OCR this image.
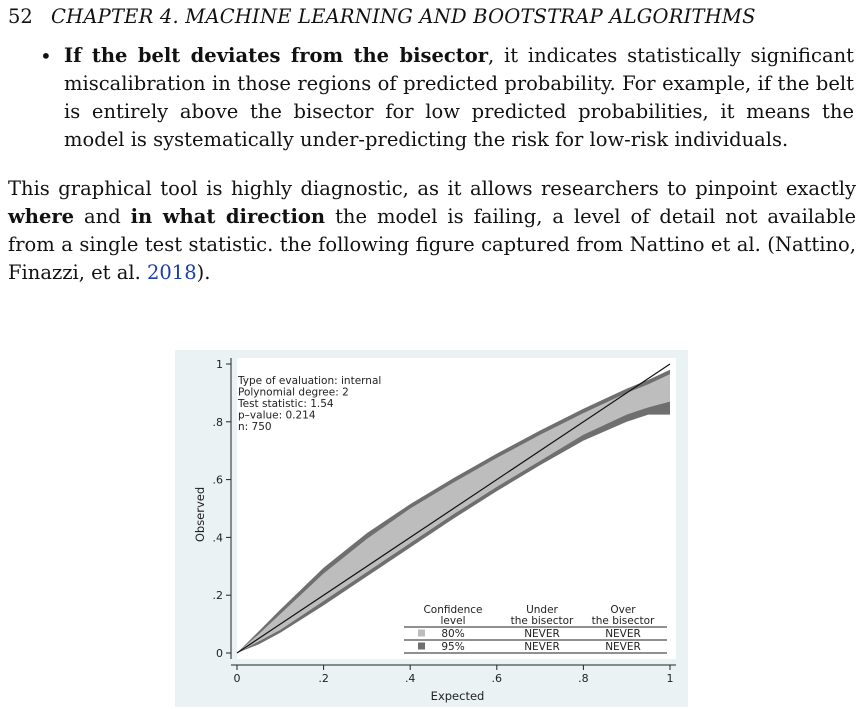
52 CHAPTER 4. MACHINE LEARNING AND BOOTSTRAP ALGORITHMS
• If the belt deviates from the bisector, it indicates statistically significant miscalibration in those regions of predicted probability. For example, if the belt is entirely above the bisector for low predicted probabilities, it means the model is systematically under-predicting the risk for low-risk individuals.
This graphical tool is highly diagnostic, as it allows researchers to pinpoint exactly where and in what direction the model is failing, a level of detail not available from a single test statistic. the following figure captured from Nattino et al. (Nattino, Finazzi, et al. 2018).
0
.2
.4
.6
.8
1
0	.2	.4	.6	.8	1
Expected
Observed
Type of evaluation: internal
Polynomial degree: 2
Test statistic: 1.54
p–value: 0.214
n: 750
Confidence
level
Under
the bisector
Over
the bisector
80%	NEVER	NEVER
95%	NEVER	NEVER
